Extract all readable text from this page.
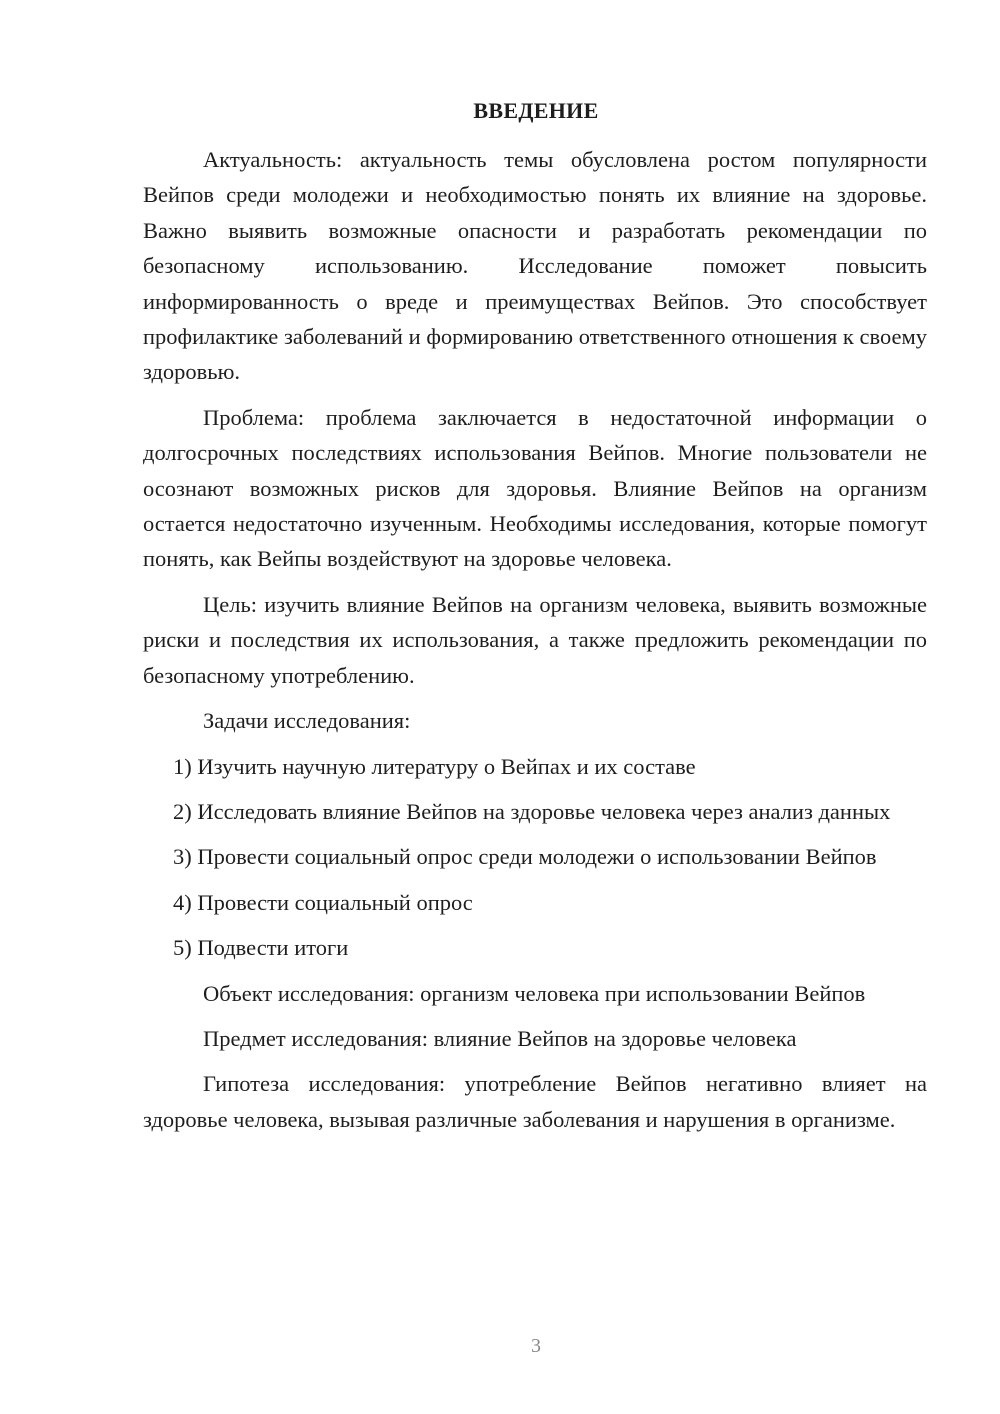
ВВЕДЕНИЕ

Актуальность: актуальность темы обусловлена ростом популярности Вейпов среди молодежи и необходимостью понять их влияние на здоровье. Важно выявить возможные опасности и разработать рекомендации по безопасному использованию. Исследование поможет повысить информированность о вреде и преимуществах Вейпов. Это способствует профилактике заболеваний и формированию ответственного отношения к своему здоровью.

Проблема: проблема заключается в недостаточной информации о долгосрочных последствиях использования Вейпов. Многие пользователи не осознают возможных рисков для здоровья. Влияние Вейпов на организм остается недостаточно изученным. Необходимы исследования, которые помогут понять, как Вейпы воздействуют на здоровье человека.

Цель: изучить влияние Вейпов на организм человека, выявить возможные риски и последствия их использования, а также предложить рекомендации по безопасному употреблению.

Задачи исследования:

1) Изучить научную литературу о Вейпах и их составе

2) Исследовать влияние Вейпов на здоровье человека через анализ данных

3) Провести социальный опрос среди молодежи о использовании Вейпов

4) Провести социальный опрос

5) Подвести итоги

Объект исследования: организм человека при использовании Вейпов

Предмет исследования: влияние Вейпов на здоровье человека

Гипотеза исследования: употребление Вейпов негативно влияет на здоровье человека, вызывая различные заболевания и нарушения в организме.

3
